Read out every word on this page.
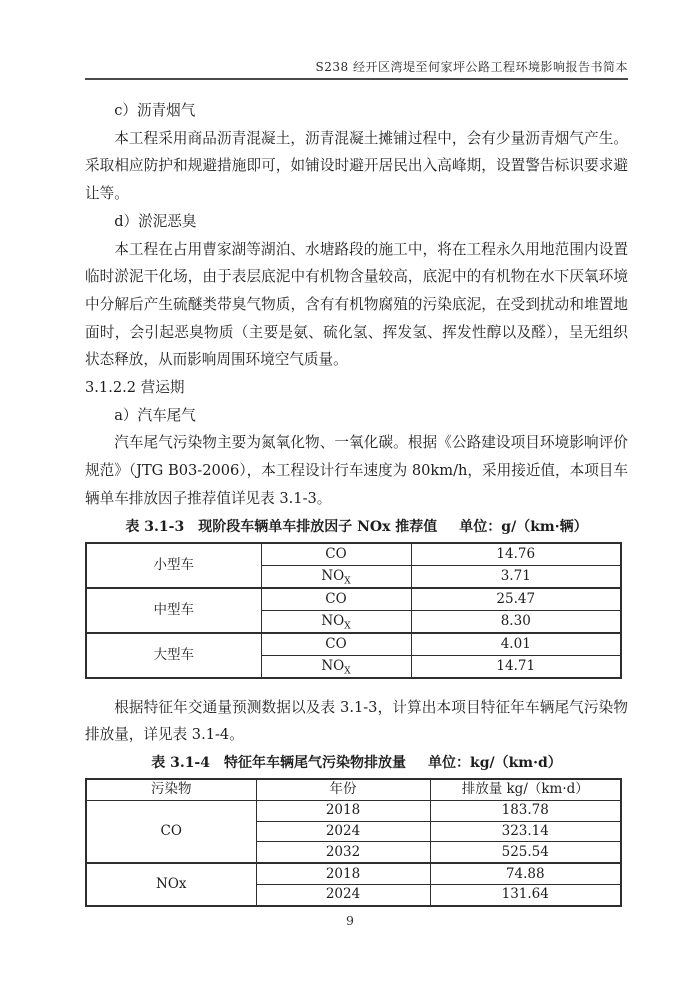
S238 经开区湾堤至何家坪公路工程环境影响报告书简本

c）沥青烟气

本工程采用商品沥青混凝土，沥青混凝土摊铺过程中，会有少量沥青烟气产生。采取相应防护和规避措施即可，如铺设时避开居民出入高峰期，设置警告标识要求避让等。

d）淤泥恶臭

本工程在占用曹家湖等湖泊、水塘路段的施工中，将在工程永久用地范围内设置临时淤泥干化场，由于表层底泥中有机物含量较高，底泥中的有机物在水下厌氧环境中分解后产生硫醚类带臭气物质，含有有机物腐殖的污染底泥，在受到扰动和堆置地面时，会引起恶臭物质（主要是氨、硫化氢、挥发氢、挥发性醇以及醛），呈无组织状态释放，从而影响周围环境空气质量。

3.1.2.2 营运期

a）汽车尾气

汽车尾气污染物主要为氮氧化物、一氧化碳。根据《公路建设项目环境影响评价规范》（JTG B03-2006），本工程设计行车速度为 80km/h，采用接近值，本项目车辆单车排放因子推荐值详见表 3.1-3。

表 3.1-3 现阶段车辆单车排放因子 NOx 推荐值 单位：g/（km·辆）

小型车	CO	14.76
	$NO_X$	3.71
中型车	CO	25.47
	$NO_X$	8.30
大型车	CO	4.01
	$NO_X$	14.71

根据特征年交通量预测数据以及表 3.1-3，计算出本项目特征年车辆尾气污染物排放量，详见表 3.1-4。

表 3.1-4 特征年车辆尾气污染物排放量 单位：kg/（km·d）

污染物	年份	排放量 kg/（km·d）
CO	2018	183.78
	2024	323.14
	2032	525.54
NOx	2018	74.88
	2024	131.64
9
